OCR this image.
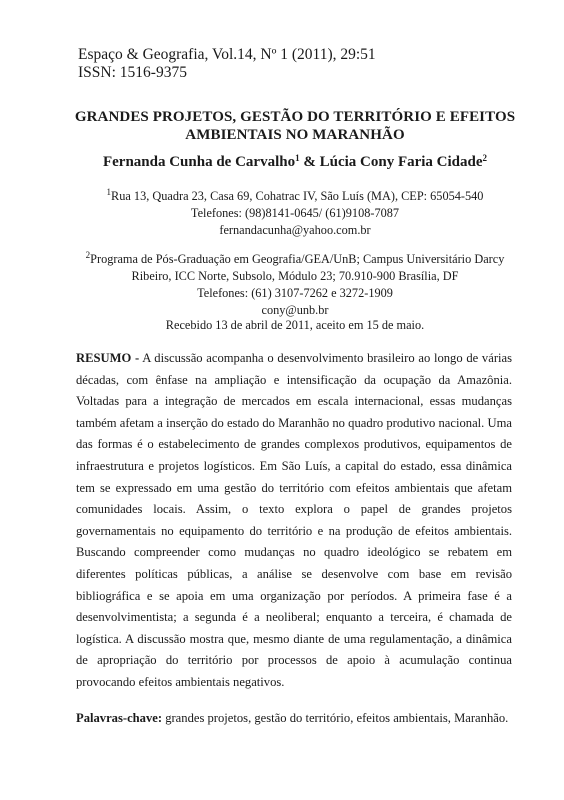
Espaço & Geografia, Vol.14, Nº 1 (2011), 29:51
ISSN: 1516-9375
GRANDES PROJETOS, GESTÃO DO TERRITÓRIO E EFEITOS
AMBIENTAIS NO MARANHÃO
Fernanda Cunha de Carvalho$^1$ & Lúcia Cony Faria Cidade$^2$
$^1$Rua 13, Quadra 23, Casa 69, Cohatrac IV, São Luís (MA), CEP: 65054-540
Telefones: (98)8141-0645/ (61)9108-7087
fernandacunha@yahoo.com.br
$^2$Programa de Pós-Graduação em Geografia/GEA/UnB; Campus Universitário Darcy
Ribeiro, ICC Norte, Subsolo, Módulo 23; 70.910-900 Brasília, DF
Telefones: (61) 3107-7262 e 3272-1909
cony@unb.br
Recebido 13 de abril de 2011, aceito em 15 de maio.
RESUMO - A discussão acompanha o desenvolvimento brasileiro ao longo de várias décadas, com ênfase na ampliação e intensificação da ocupação da Amazônia. Voltadas para a integração de mercados em escala internacional, essas mudanças também afetam a inserção do estado do Maranhão no quadro produtivo nacional. Uma das formas é o estabelecimento de grandes complexos produtivos, equipamentos de infraestrutura e projetos logísticos. Em São Luís, a capital do estado, essa dinâmica tem se expressado em uma gestão do território com efeitos ambientais que afetam comunidades locais. Assim, o texto explora o papel de grandes projetos governamentais no equipamento do território e na produção de efeitos ambientais. Buscando compreender como mudanças no quadro ideológico se rebatem em diferentes políticas públicas, a análise se desenvolve com base em revisão bibliográfica e se apoia em uma organização por períodos. A primeira fase é a desenvolvimentista; a segunda é a neoliberal; enquanto a terceira, é chamada de logística. A discussão mostra que, mesmo diante de uma regulamentação, a dinâmica de apropriação do território por processos de apoio à acumulação continua provocando efeitos ambientais negativos.
Palavras-chave: grandes projetos, gestão do território, efeitos ambientais, Maranhão.
